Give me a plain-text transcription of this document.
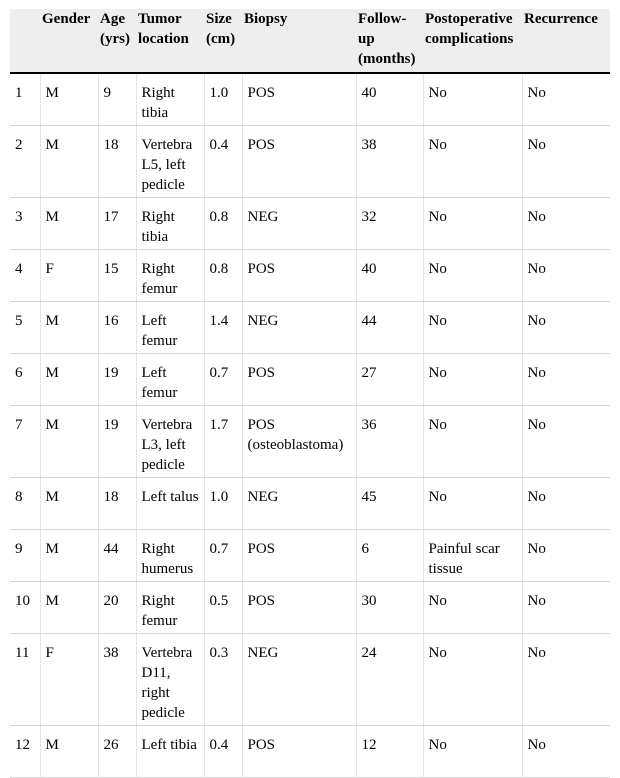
	Gender	Age (yrs)	Tumor location	Size (cm)	Biopsy	Follow-up (months)	Postoperative complications	Recurrence
1	M	9	Right tibia	1.0	POS	40	No	No
2	M	18	Vertebra L5, left pedicle	0.4	POS	38	No	No
3	M	17	Right tibia	0.8	NEG	32	No	No
4	F	15	Right femur	0.8	POS	40	No	No
5	M	16	Left femur	1.4	NEG	44	No	No
6	M	19	Left femur	0.7	POS	27	No	No
7	M	19	Vertebra L3, left pedicle	1.7	POS (osteoblastoma)	36	No	No
8	M	18	Left talus	1.0	NEG	45	No	No
9	M	44	Right humerus	0.7	POS	6	Painful scar tissue	No
10	M	20	Right femur	0.5	POS	30	No	No
11	F	38	Vertebra D11, right pedicle	0.3	NEG	24	No	No
12	M	26	Left tibia	0.4	POS	12	No	No
